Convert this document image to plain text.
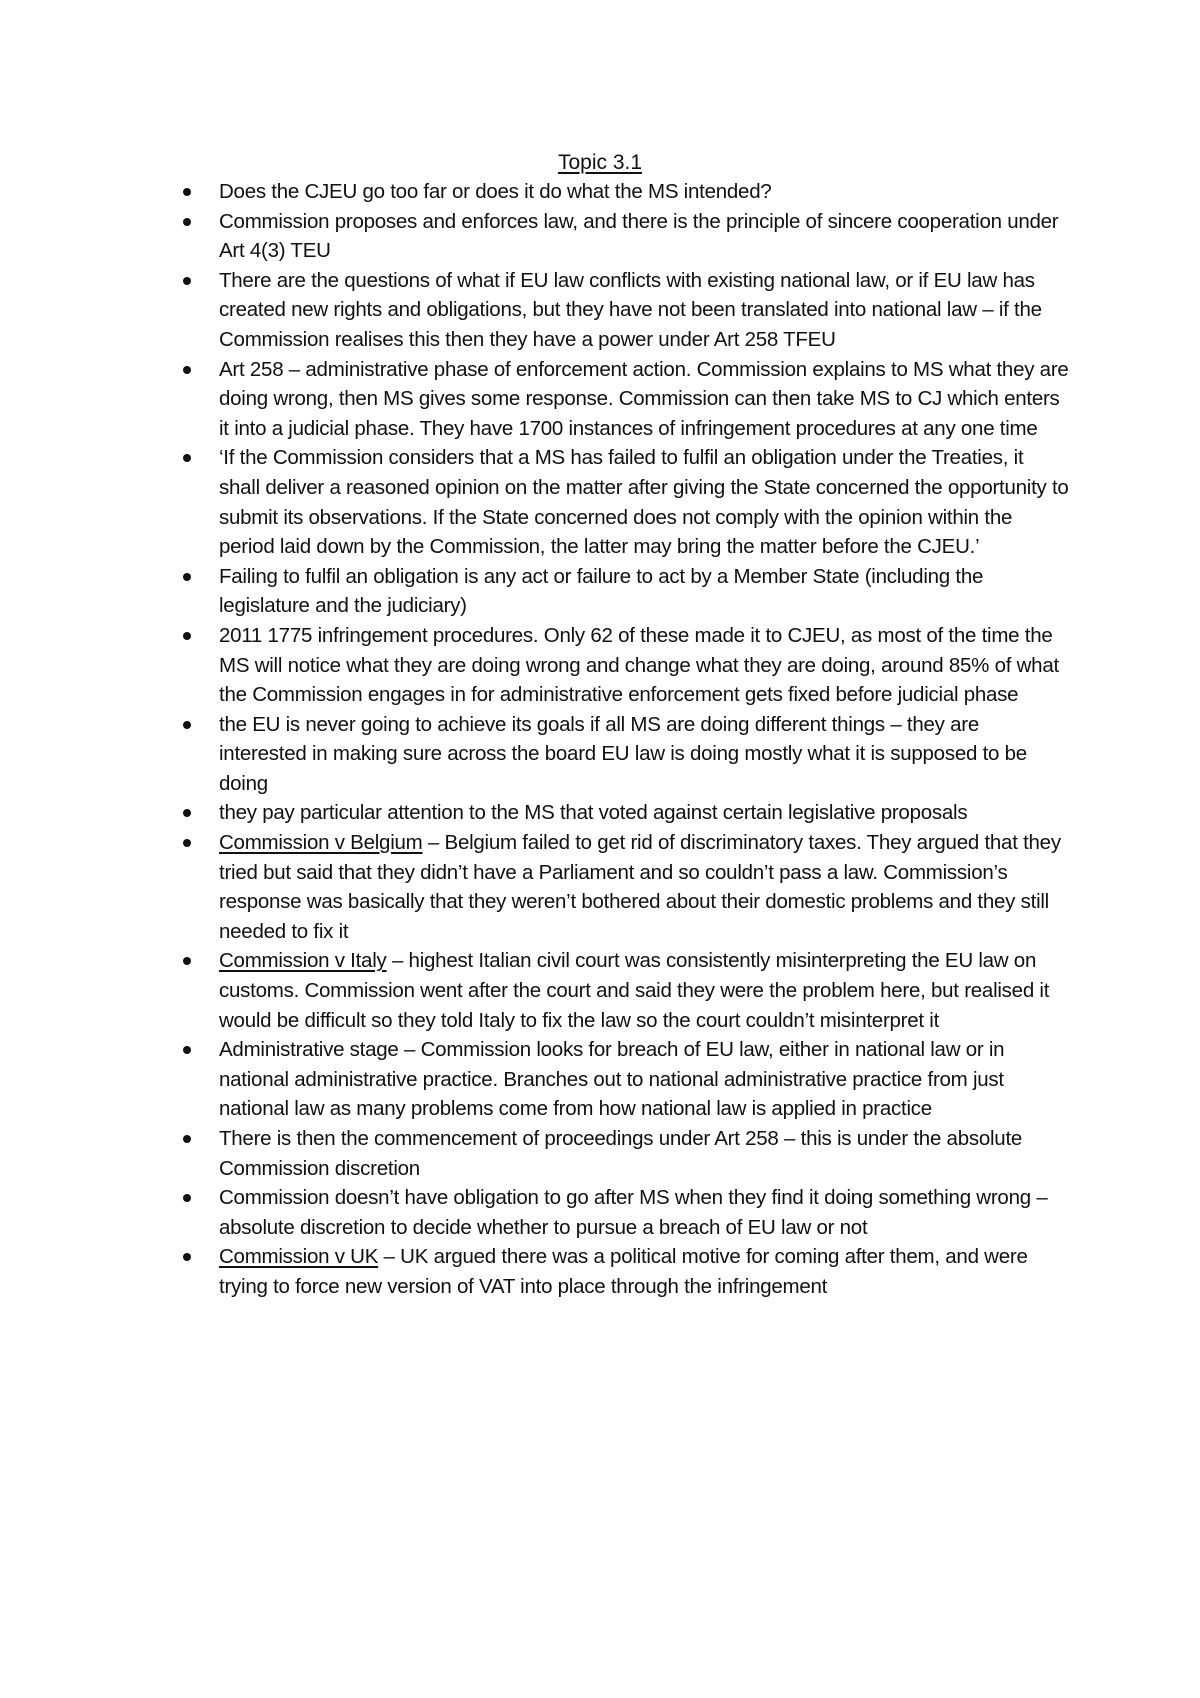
Topic 3.1
Does the CJEU go too far or does it do what the MS intended?
Commission proposes and enforces law, and there is the principle of sincere cooperation under Art 4(3) TEU
There are the questions of what if EU law conflicts with existing national law, or if EU law has created new rights and obligations, but they have not been translated into national law – if the Commission realises this then they have a power under Art 258 TFEU
Art 258 – administrative phase of enforcement action. Commission explains to MS what they are doing wrong, then MS gives some response. Commission can then take MS to CJ which enters it into a judicial phase. They have 1700 instances of infringement procedures at any one time
‘If the Commission considers that a MS has failed to fulfil an obligation under the Treaties, it shall deliver a reasoned opinion on the matter after giving the State concerned the opportunity to submit its observations. If the State concerned does not comply with the opinion within the period laid down by the Commission, the latter may bring the matter before the CJEU.’
Failing to fulfil an obligation is any act or failure to act by a Member State (including the legislature and the judiciary)
2011 1775 infringement procedures. Only 62 of these made it to CJEU, as most of the time the MS will notice what they are doing wrong and change what they are doing, around 85% of what the Commission engages in for administrative enforcement gets fixed before judicial phase
the EU is never going to achieve its goals if all MS are doing different things – they are interested in making sure across the board EU law is doing mostly what it is supposed to be doing
they pay particular attention to the MS that voted against certain legislative proposals
Commission v Belgium – Belgium failed to get rid of discriminatory taxes. They argued that they tried but said that they didn’t have a Parliament and so couldn’t pass a law. Commission’s response was basically that they weren’t bothered about their domestic problems and they still needed to fix it
Commission v Italy – highest Italian civil court was consistently misinterpreting the EU law on customs. Commission went after the court and said they were the problem here, but realised it would be difficult so they told Italy to fix the law so the court couldn’t misinterpret it
Administrative stage – Commission looks for breach of EU law, either in national law or in national administrative practice. Branches out to national administrative practice from just national law as many problems come from how national law is applied in practice
There is then the commencement of proceedings under Art 258 – this is under the absolute Commission discretion
Commission doesn’t have obligation to go after MS when they find it doing something wrong – absolute discretion to decide whether to pursue a breach of EU law or not
Commission v UK – UK argued there was a political motive for coming after them, and were trying to force new version of VAT into place through the infringement
